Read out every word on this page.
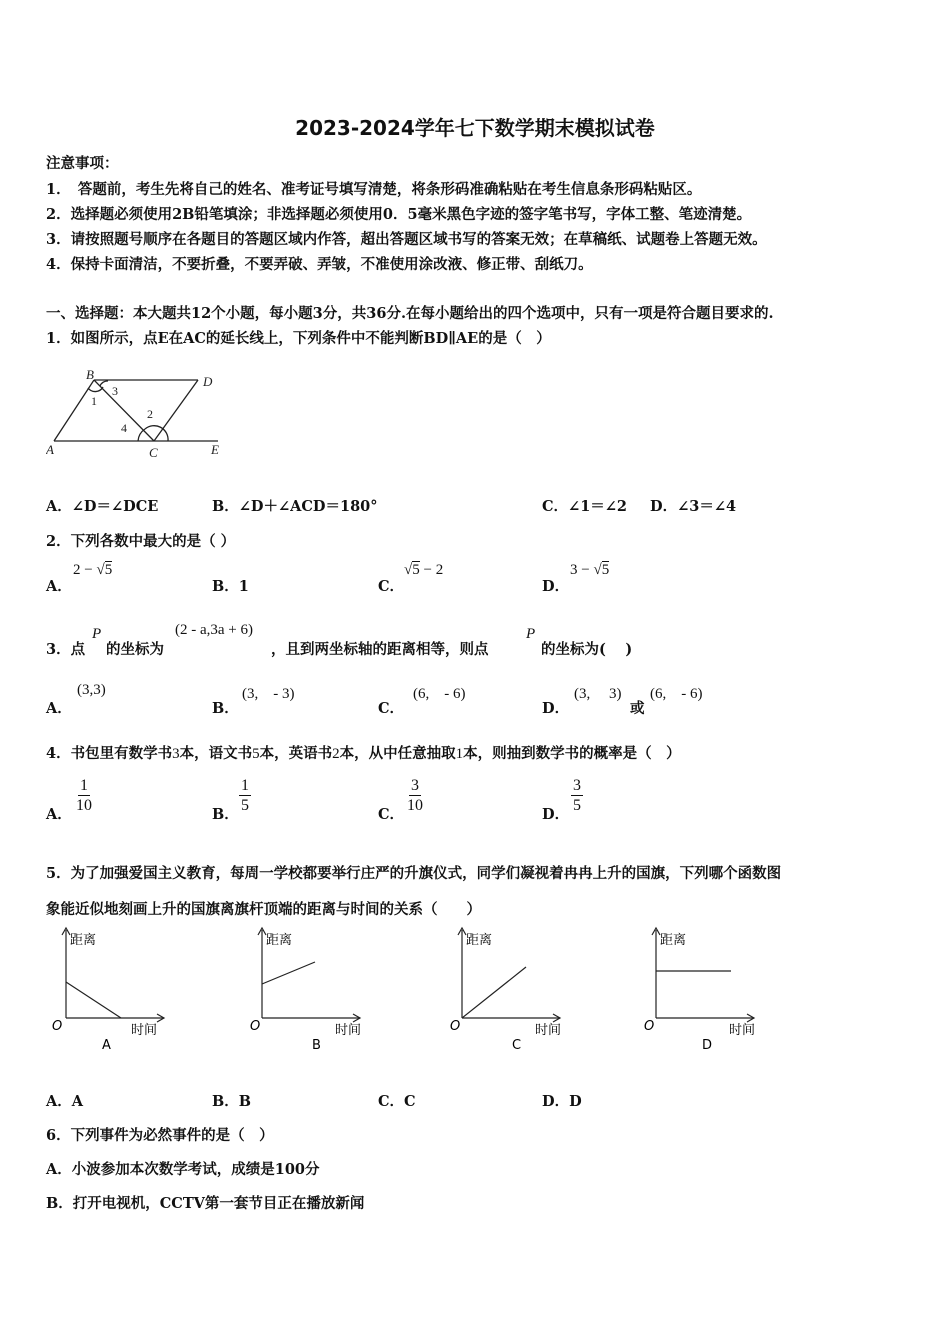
2023-2024学年七下数学期末模拟试卷
注意事项：
1．　答题前，考生先将自己的姓名、准考证号填写清楚，将条形码准确粘贴在考生信息条形码粘贴区。
2．选择题必须使用2B铅笔填涂；非选择题必须使用0．5毫米黑色字迹的签字笔书写，字体工整、笔迹清楚。
3．请按照题号顺序在各题目的答题区域内作答，超出答题区域书写的答案无效；在草稿纸、试题卷上答题无效。
4．保持卡面清洁，不要折叠，不要弄破、弄皱，不准使用涂改液、修正带、刮纸刀。
一、选择题：本大题共12个小题，每小题3分，共36分.在每小题给出的四个选项中，只有一项是符合题目要求的.
1．如图所示，点E在AC的延长线上，下列条件中不能判断BD∥AE的是（　）
A
B
C
D
E
1
2
3
4
A．∠D＝∠DCE	B．∠D＋∠ACD＝180°	C．∠1＝∠2 D．∠3＝∠4
2．下列各数中最大的是（ ）
A．
2 − √5
B．1	C．
√5 − 2
D．
3 − √5
3．点
P
的坐标为
(2 - a,3a + 6)
，且到两坐标轴的距离相等，则点
P
的坐标为(　 )
A．
(3,3)
B．
(3,　- 3)
C．
(6,　- 6)
D．
(3,　 3)
或
(6,　- 6)
4．书包里有数学书3本，语文书5本，英语书2本，从中任意抽取1本，则抽到数学书的概率是（　）
A． $\frac{1}{10}$	B． $\frac{1}{5}$	C． $\frac{3}{10}$	D． $\frac{3}{5}$
5．为了加强爱国主义教育，每周一学校都要举行庄严的升旗仪式，同学们凝视着冉冉上升的国旗，下列哪个函数图
象能近似地刻画上升的国旗离旗杆顶端的距离与时间的关系（　　）
距离
时间
O
A
距离
时间
O
B
距离
时间
O
C
距离
时间
O
D
A．A	B．B	C．C	D．D
6．下列事件为必然事件的是（　）
A．小波参加本次数学考试，成绩是100分
B．打开电视机，CCTV第一套节目正在播放新闻
